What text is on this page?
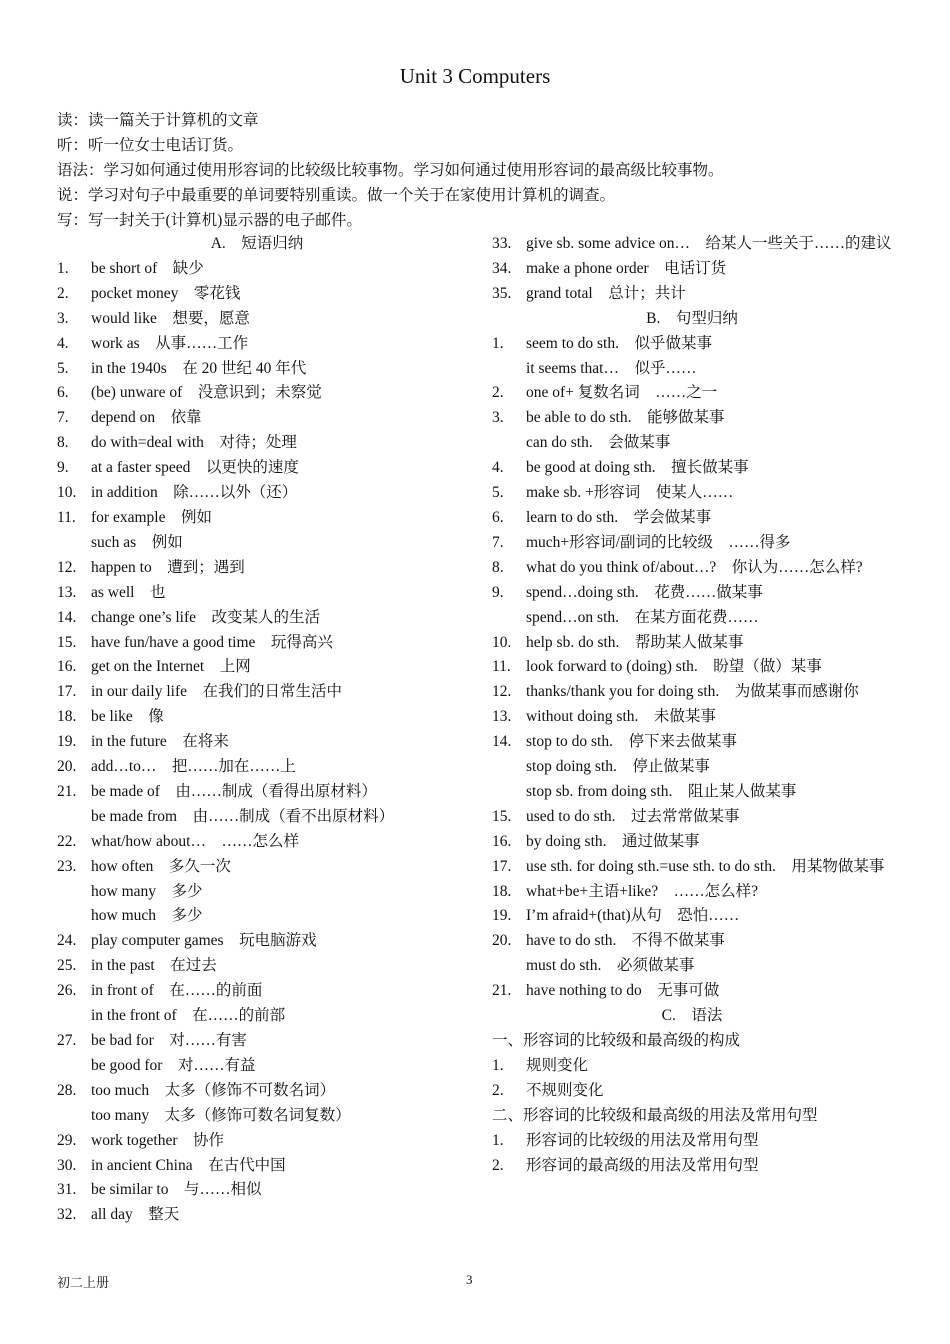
Unit 3 Computers
读：读一篇关于计算机的文章
听：听一位女士电话订货。
语法：学习如何通过使用形容词的比较级比较事物。学习如何通过使用形容词的最高级比较事物。
说：学习对句子中最重要的单词要特别重读。做一个关于在家使用计算机的调查。
写：写一封关于(计算机)显示器的电子邮件。
A.　短语归纳
1.	be short of　缺少
2.	pocket money　零花钱
3.	would like　想要，愿意
4.	work as　从事……工作
5.	in the 1940s　在 20 世纪 40 年代
6.	(be) unware of　没意识到；未察觉
7.	depend on　依靠
8.	do with=deal with　对待；处理
9.	at a faster speed　以更快的速度
10. in addition　除……以外（还）
11. for example　例如
such as　例如
12. happen to　遭到；遇到
13. as well　也
14. change one’s life　改变某人的生活
15. have fun/have a good time　玩得高兴
16. get on the Internet　上网
17. in our daily life　在我们的日常生活中
18. be like　像
19. in the future　在将来
20. add…to…　把……加在……上
21. be made of　由……制成（看得出原材料）
be made from　由……制成（看不出原材料）
22. what/how about…　……怎么样
23. how often　多久一次
how many　多少
how much　多少
24. play computer games　玩电脑游戏
25. in the past　在过去
26. in front of　在……的前面
in the front of　在……的前部
27. be bad for　对……有害
be good for　对……有益
28. too much　太多（修饰不可数名词）
too many　太多（修饰可数名词复数）
29. work together　协作
30. in ancient China　在古代中国
31. be similar to　与……相似
32. all day　整天
33. give sb. some advice on…　给某人一些关于……的建议
34. make a phone order　电话订货
35. grand total　总计；共计
B.　句型归纳
1.	seem to do sth.　似乎做某事
it seems that…　似乎……
2.	one of+ 复数名词　……之一
3.	be able to do sth.　能够做某事
can do sth.　会做某事
4.	be good at doing sth.　擅长做某事
5.	make sb. +形容词　使某人……
6.	learn to do sth.　学会做某事
7.	much+形容词/副词的比较级　……得多
8.	what do you think of/about…?　你认为……怎么样?
9.	spend…doing sth.　花费……做某事
spend…on sth.　在某方面花费……
10. help sb. do sth.　帮助某人做某事
11. look forward to (doing) sth.　盼望（做）某事
12. thanks/thank you for doing sth.　为做某事而感谢你
13. without doing sth.　未做某事
14. stop to do sth.　停下来去做某事
stop doing sth.　停止做某事
stop sb. from doing sth.　阻止某人做某事
15. used to do sth.　过去常常做某事
16. by doing sth.　通过做某事
17. use sth. for doing sth.=use sth. to do sth.　用某物做某事
18. what+be+主语+like?　……怎么样?
19. I’m afraid+(that)从句　恐怕……
20. have to do sth.　不得不做某事
must do sth.　必须做某事
21. have nothing to do　无事可做
C.　语法
一、形容词的比较级和最高级的构成
1.	规则变化
2.	不规则变化
二、形容词的比较级和最高级的用法及常用句型
1.	形容词的比较级的用法及常用句型
2.	形容词的最高级的用法及常用句型
初二上册	3
